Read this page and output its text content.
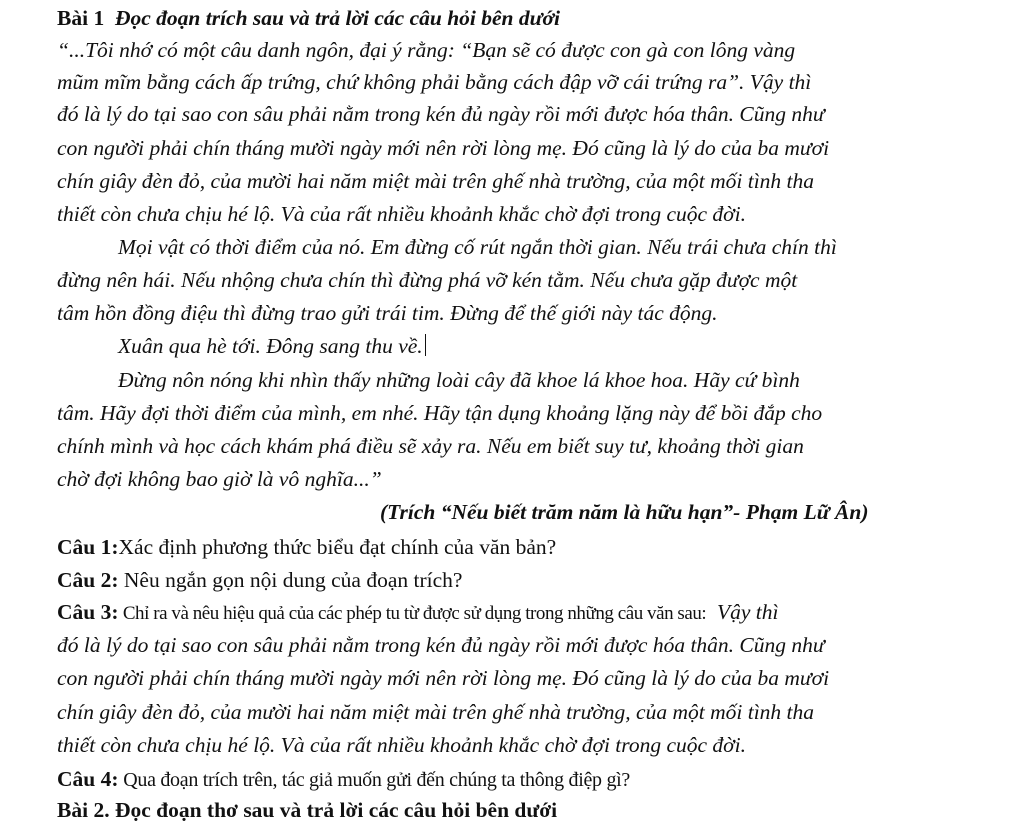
Bài 1 Đọc đoạn trích sau và trả lời các câu hỏi bên dưới
“...Tôi nhớ có một câu danh ngôn, đại ý rằng: “Bạn sẽ có được con gà con lông vàng
mũm mĩm bằng cách ấp trứng, chứ không phải bằng cách đập vỡ cái trứng ra”. Vậy thì
đó là lý do tại sao con sâu phải nằm trong kén đủ ngày rồi mới được hóa thân. Cũng như
con người phải chín tháng mười ngày mới nên rời lòng mẹ. Đó cũng là lý do của ba mươi
chín giây đèn đỏ, của mười hai năm miệt mài trên ghế nhà trường, của một mối tình tha
thiết còn chưa chịu hé lộ. Và của rất nhiều khoảnh khắc chờ đợi trong cuộc đời.
Mọi vật có thời điểm của nó. Em đừng cố rút ngắn thời gian. Nếu trái chưa chín thì
đừng nên hái. Nếu nhộng chưa chín thì đừng phá vỡ kén tằm. Nếu chưa gặp được một
tâm hồn đồng điệu thì đừng trao gửi trái tim. Đừng để thế giới này tác động.
Xuân qua hè tới. Đông sang thu về.
Đừng nôn nóng khi nhìn thấy những loài cây đã khoe lá khoe hoa. Hãy cứ bình
tâm. Hãy đợi thời điểm của mình, em nhé. Hãy tận dụng khoảng lặng này để bồi đắp cho
chính mình và học cách khám phá điều sẽ xảy ra. Nếu em biết suy tư, khoảng thời gian
chờ đợi không bao giờ là vô nghĩa...”
(Trích “Nếu biết trăm năm là hữu hạn”- Phạm Lữ Ân)
Câu 1:Xác định phương thức biểu đạt chính của văn bản?
Câu 2: Nêu ngắn gọn nội dung của đoạn trích?
Câu 3: Chỉ ra và nêu hiệu quả của các phép tu từ được sử dụng trong những câu văn sau: Vậy thì
đó là lý do tại sao con sâu phải nằm trong kén đủ ngày rồi mới được hóa thân. Cũng như
con người phải chín tháng mười ngày mới nên rời lòng mẹ. Đó cũng là lý do của ba mươi
chín giây đèn đỏ, của mười hai năm miệt mài trên ghế nhà trường, của một mối tình tha
thiết còn chưa chịu hé lộ. Và của rất nhiều khoảnh khắc chờ đợi trong cuộc đời.
Câu 4: Qua đoạn trích trên, tác giả muốn gửi đến chúng ta thông điệp gì?
Bài 2. Đọc đoạn thơ sau và trả lời các câu hỏi bên dưới
